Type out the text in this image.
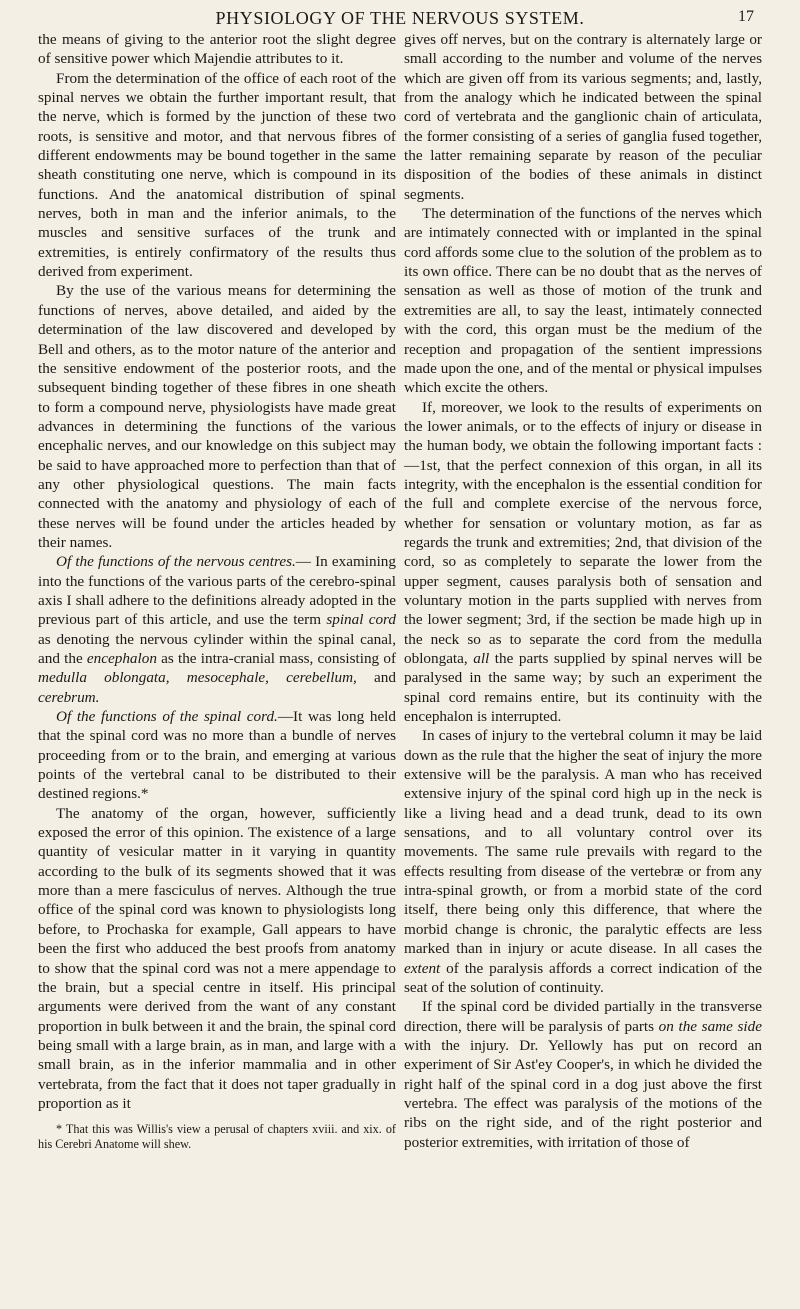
PHYSIOLOGY OF THE NERVOUS SYSTEM.	17

the means of giving to the anterior root the slight degree of sensitive power which Majendie attributes to it.

From the determination of the office of each root of the spinal nerves we obtain the further important result, that the nerve, which is formed by the junction of these two roots, is sensitive and motor, and that nervous fibres of different endowments may be bound together in the same sheath constituting one nerve, which is compound in its functions. And the anatomical distribution of spinal nerves, both in man and the inferior animals, to the muscles and sensitive surfaces of the trunk and extremities, is entirely confirmatory of the results thus derived from experiment.

By the use of the various means for determining the functions of nerves, above detailed, and aided by the determination of the law discovered and developed by Bell and others, as to the motor nature of the anterior and the sensitive endowment of the posterior roots, and the subsequent binding together of these fibres in one sheath to form a compound nerve, physiologists have made great advances in determining the functions of the various encephalic nerves, and our knowledge on this subject may be said to have approached more to perfection than that of any other physiological questions. The main facts connected with the anatomy and physiology of each of these nerves will be found under the articles headed by their names.

Of the functions of the nervous centres.— In examining into the functions of the various parts of the cerebro-spinal axis I shall adhere to the definitions already adopted in the previous part of this article, and use the term spinal cord as denoting the nervous cylinder within the spinal canal, and the encephalon as the intra-cranial mass, consisting of medulla oblongata, mesocephale, cerebellum, and cerebrum.

Of the functions of the spinal cord.—It was long held that the spinal cord was no more than a bundle of nerves proceeding from or to the brain, and emerging at various points of the vertebral canal to be distributed to their destined regions.*

The anatomy of the organ, however, sufficiently exposed the error of this opinion. The existence of a large quantity of vesicular matter in it varying in quantity according to the bulk of its segments showed that it was more than a mere fasciculus of nerves. Although the true office of the spinal cord was known to physiologists long before, to Prochaska for example, Gall appears to have been the first who adduced the best proofs from anatomy to show that the spinal cord was not a mere appendage to the brain, but a special centre in itself. His principal arguments were derived from the want of any constant proportion in bulk between it and the brain, the spinal cord being small with a large brain, as in man, and large with a small brain, as in the inferior mammalia and in other vertebrata, from the fact that it does not taper gradually in proportion as it

* That this was Willis's view a perusal of chapters xviii. and xix. of his Cerebri Anatome will shew.

gives off nerves, but on the contrary is alternately large or small according to the number and volume of the nerves which are given off from its various segments; and, lastly, from the analogy which he indicated between the spinal cord of vertebrata and the ganglionic chain of articulata, the former consisting of a series of ganglia fused together, the latter remaining separate by reason of the peculiar disposition of the bodies of these animals in distinct segments.

The determination of the functions of the nerves which are intimately connected with or implanted in the spinal cord affords some clue to the solution of the problem as to its own office. There can be no doubt that as the nerves of sensation as well as those of motion of the trunk and extremities are all, to say the least, intimately connected with the cord, this organ must be the medium of the reception and propagation of the sentient impressions made upon the one, and of the mental or physical impulses which excite the others.

If, moreover, we look to the results of experiments on the lower animals, or to the effects of injury or disease in the human body, we obtain the following important facts :—1st, that the perfect connexion of this organ, in all its integrity, with the encephalon is the essential condition for the full and complete exercise of the nervous force, whether for sensation or voluntary motion, as far as regards the trunk and extremities; 2nd, that division of the cord, so as completely to separate the lower from the upper segment, causes paralysis both of sensation and voluntary motion in the parts supplied with nerves from the lower segment; 3rd, if the section be made high up in the neck so as to separate the cord from the medulla oblongata, all the parts supplied by spinal nerves will be paralysed in the same way; by such an experiment the spinal cord remains entire, but its continuity with the encephalon is interrupted.

In cases of injury to the vertebral column it may be laid down as the rule that the higher the seat of injury the more extensive will be the paralysis. A man who has received extensive injury of the spinal cord high up in the neck is like a living head and a dead trunk, dead to its own sensations, and to all voluntary control over its movements. The same rule prevails with regard to the effects resulting from disease of the vertebræ or from any intra-spinal growth, or from a morbid state of the cord itself, there being only this difference, that where the morbid change is chronic, the paralytic effects are less marked than in injury or acute disease. In all cases the extent of the paralysis affords a correct indication of the seat of the solution of continuity.

If the spinal cord be divided partially in the transverse direction, there will be paralysis of parts on the same side with the injury. Dr. Yellowly has put on record an experiment of Sir Ast'ey Cooper's, in which he divided the right half of the spinal cord in a dog just above the first vertebra. The effect was paralysis of the motions of the ribs on the right side, and of the right posterior and posterior extremities, with irritation of those of
